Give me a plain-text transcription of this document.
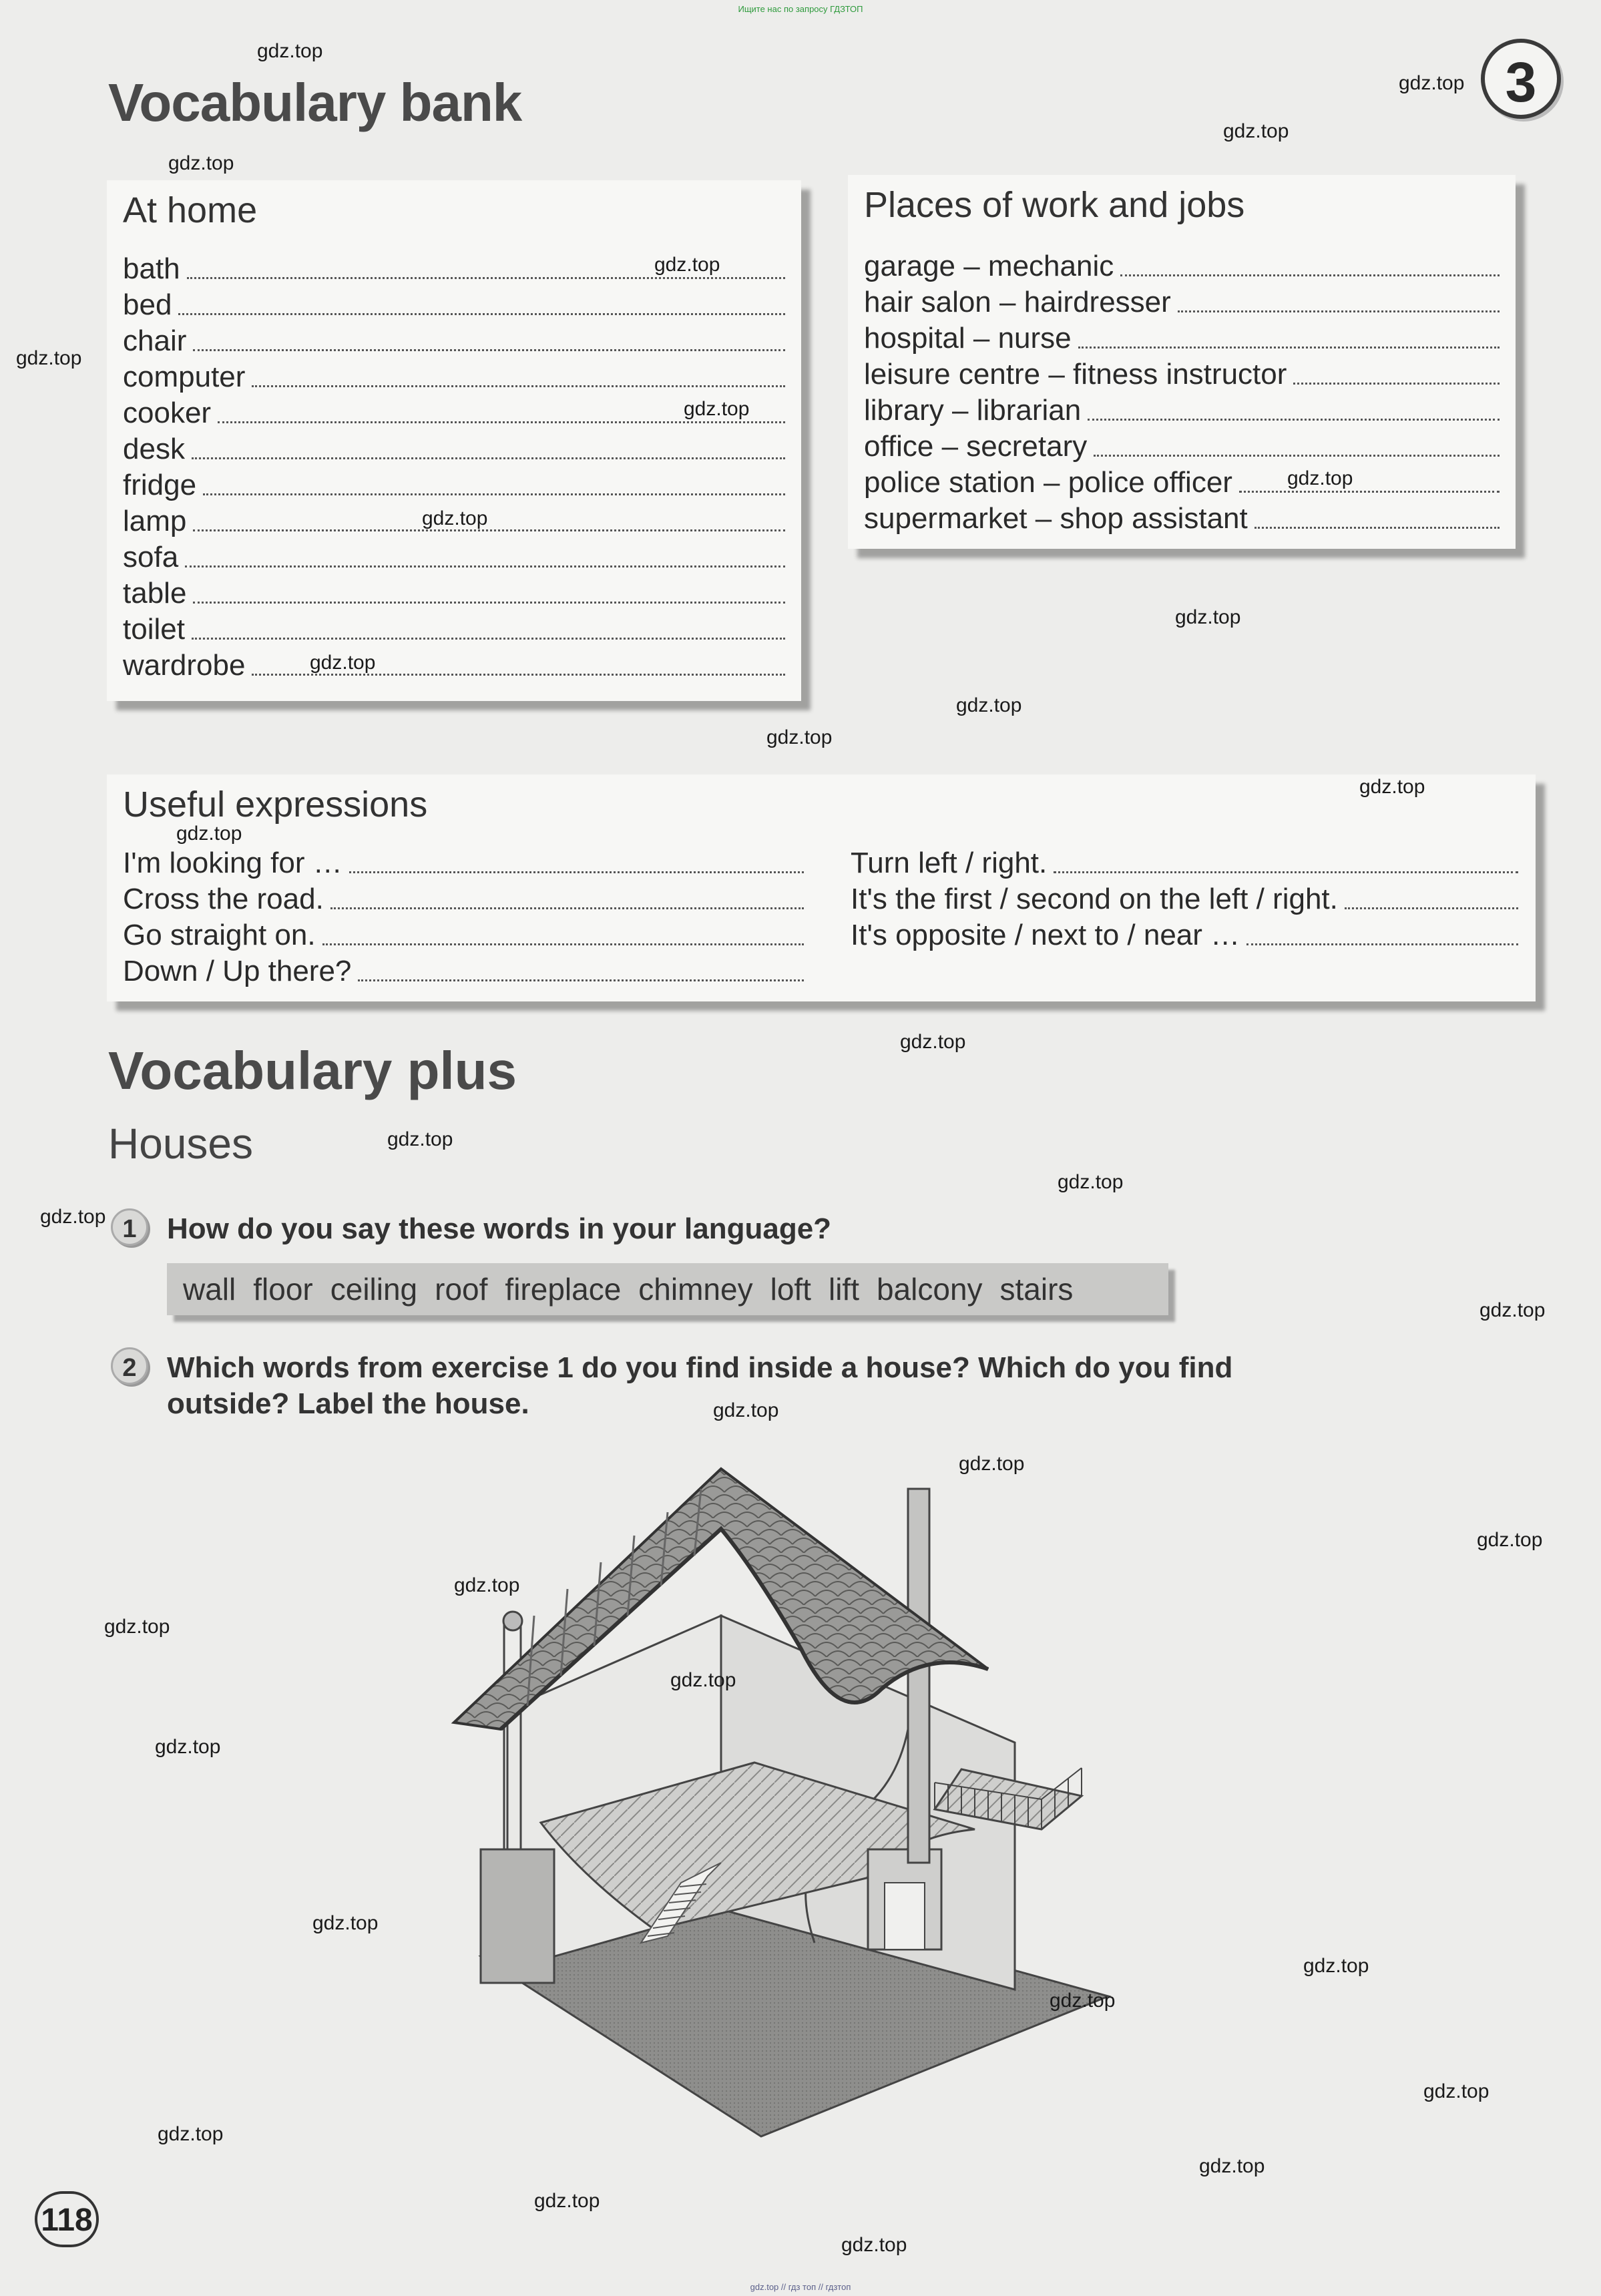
Ищите нас по запросу ГДЗТОП
Vocabulary bank	3
At home
bath
bed
chair
computer
cooker
desk
fridge
lamp
sofa
table
toilet
wardrobe
Places of work and jobs
garage – mechanic
hair salon – hairdresser
hospital – nurse
leisure centre – fitness instructor
library – librarian
office – secretary
police station – police officer
supermarket – shop assistant
Useful expressions
I'm looking for …
Cross the road.
Go straight on.
Down / Up there?
Turn left / right.
It's the first / second on the left / right.
It's opposite / next to / near …
Vocabulary plus
Houses
1	How do you say these words in your language?
wall floor ceiling roof fireplace chimney loft lift balcony stairs
2	Which words from exercise 1 do you find inside a house? Which do you find
outside? Label the house.
118
gdz.top
gdz.top
gdz.top
gdz.top
gdz.top
gdz.top
gdz.top
gdz.top
gdz.top
gdz.top
gdz.top
gdz.top
gdz.top
gdz.top
gdz.top
gdz.top
gdz.top
gdz.top
gdz.top
gdz.top
gdz.top
gdz.top
gdz.top
gdz.top
gdz.top
gdz.top
gdz.top
gdz.top
gdz.top
gdz.top
gdz.top
gdz.top
gdz.top
gdz.top
gdz.top
gdz.top // гдз топ // гдзтоп
